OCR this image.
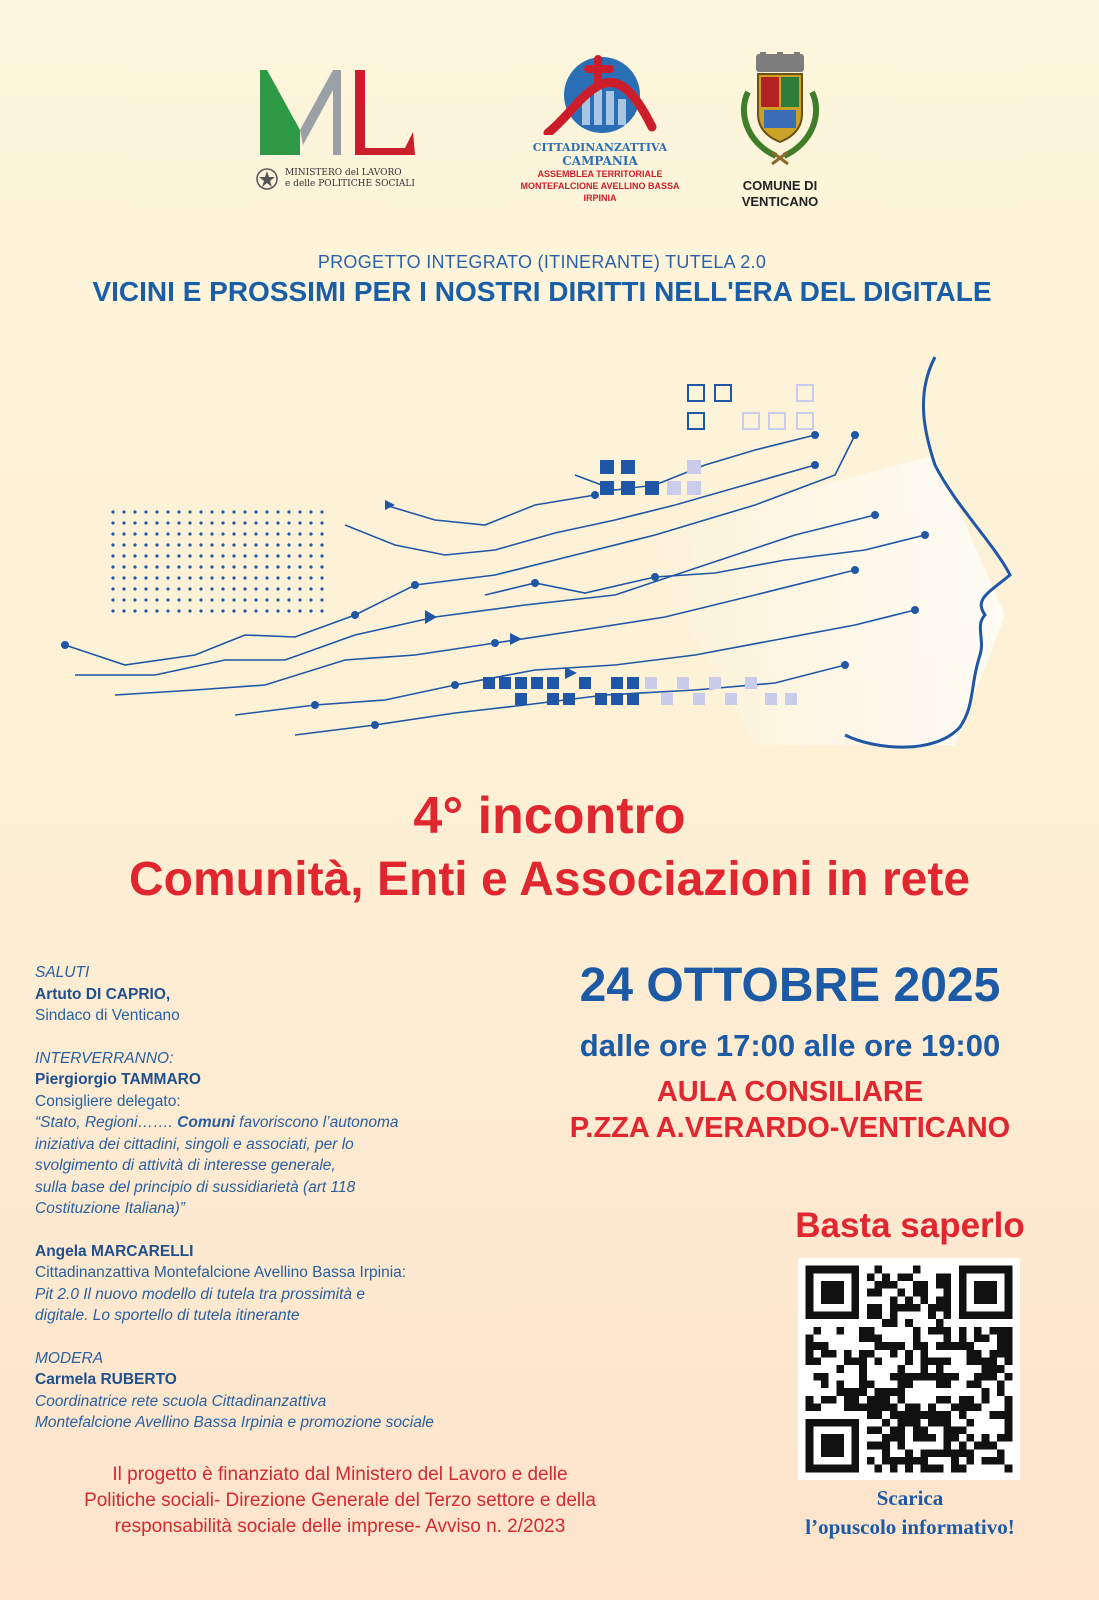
MINISTERO del LAVORO
e delle POLITICHE SOCIALI
CITTADINANZATTIVA
CAMPANIA
ASSEMBLEA TERRITORIALE
MONTEFALCIONE AVELLINO BASSA IRPINIA
COMUNE DI
VENTICANO
PROGETTO INTEGRATO (ITINERANTE) TUTELA 2.0
VICINI E PROSSIMI PER I NOSTRI DIRITTI NELL'ERA DEL DIGITALE
4° incontro
Comunità, Enti e Associazioni in rete
SALUTI
Artuto DI CAPRIO,
Sindaco di Venticano
INTERVERRANNO:
Piergiorgio TAMMARO
Consigliere delegato:
“Stato, Regioni……. Comuni favoriscono l’autonoma
iniziativa dei cittadini, singoli e associati, per lo
svolgimento di attività di interesse generale,
sulla base del principio di sussidiarietà (art 118
Costituzione Italiana)”
Angela MARCARELLI
Cittadinanzattiva Montefalcione Avellino Bassa Irpinia:
Pit 2.0 Il nuovo modello di tutela tra prossimità e
digitale. Lo sportello di tutela itinerante
MODERA
Carmela RUBERTO
Coordinatrice rete scuola Cittadinanzattiva
Montefalcione Avellino Bassa Irpinia e promozione sociale
24 OTTOBRE 2025
dalle ore 17:00 alle ore 19:00
AULA CONSILIARE
P.ZZA A.VERARDO-VENTICANO
Basta saperlo
Scarica
l’opuscolo informativo!
Il progetto è finanziato dal Ministero del Lavoro e delle
Politiche sociali- Direzione Generale del Terzo settore e della
responsabilità sociale delle imprese- Avviso n. 2/2023
